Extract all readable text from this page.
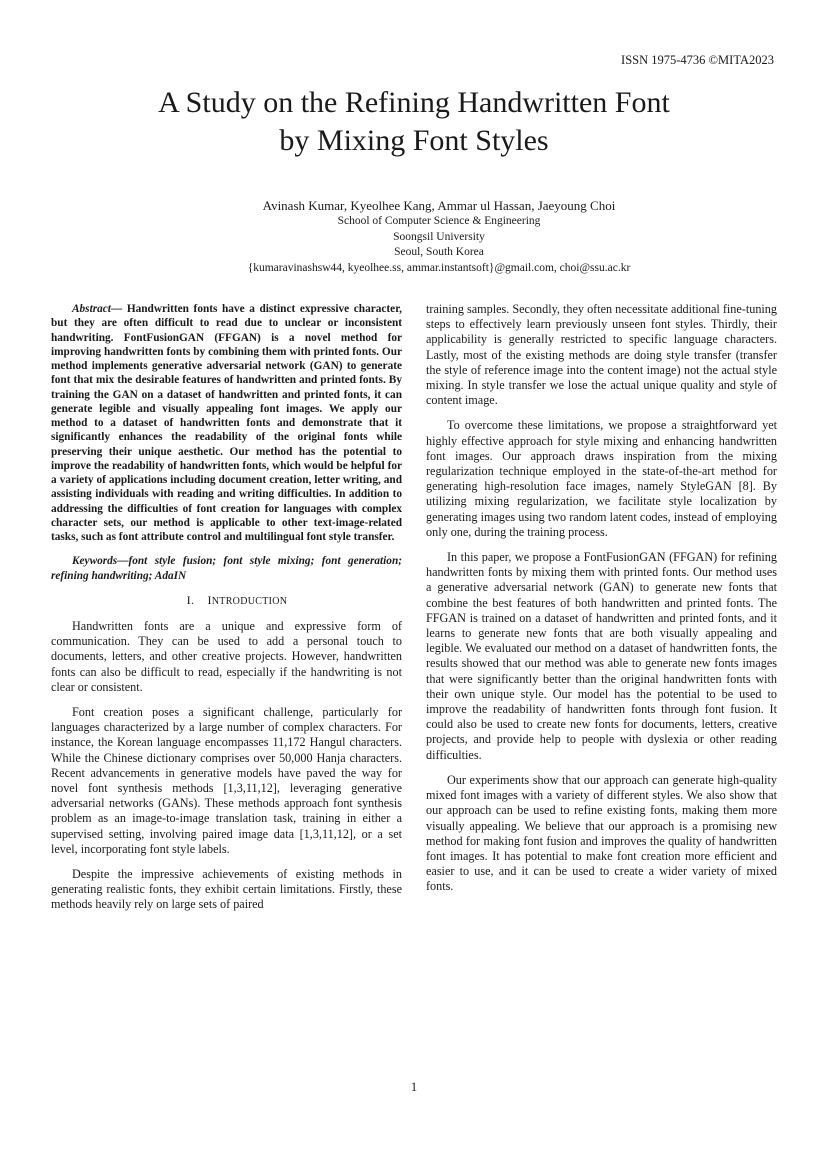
ISSN 1975-4736 ©MITA2023
A Study on the Refining Handwritten Font
by Mixing Font Styles
Avinash Kumar, Kyeolhee Kang, Ammar ul Hassan, Jaeyoung Choi
School of Computer Science & Engineering
Soongsil University
Seoul, South Korea
{kumaravinashsw44, kyeolhee.ss, ammar.instantsoft}@gmail.com, choi@ssu.ac.kr

Abstract— Handwritten fonts have a distinct expressive character, but they are often difficult to read due to unclear or inconsistent handwriting. FontFusionGAN (FFGAN) is a novel method for improving handwritten fonts by combining them with printed fonts. Our method implements generative adversarial network (GAN) to generate font that mix the desirable features of handwritten and printed fonts. By training the GAN on a dataset of handwritten and printed fonts, it can generate legible and visually appealing font images. We apply our method to a dataset of handwritten fonts and demonstrate that it significantly enhances the readability of the original fonts while preserving their unique aesthetic. Our method has the potential to improve the readability of handwritten fonts, which would be helpful for a variety of applications including document creation, letter writing, and assisting individuals with reading and writing difficulties. In addition to addressing the difficulties of font creation for languages with complex character sets, our method is applicable to other text-image-related tasks, such as font attribute control and multilingual font style transfer.

Keywords—font style fusion; font style mixing; font generation; refining handwriting; AdaIN

I. INTRODUCTION

Handwritten fonts are a unique and expressive form of communication. They can be used to add a personal touch to documents, letters, and other creative projects. However, handwritten fonts can also be difficult to read, especially if the handwriting is not clear or consistent.

Font creation poses a significant challenge, particularly for languages characterized by a large number of complex characters. For instance, the Korean language encompasses 11,172 Hangul characters. While the Chinese dictionary comprises over 50,000 Hanja characters. Recent advancements in generative models have paved the way for novel font synthesis methods [1,3,11,12], leveraging generative adversarial networks (GANs). These methods approach font synthesis problem as an image-to-image translation task, training in either a supervised setting, involving paired image data [1,3,11,12], or a set level, incorporating font style labels.

Despite the impressive achievements of existing methods in generating realistic fonts, they exhibit certain limitations. Firstly, these methods heavily rely on large sets of paired

training samples. Secondly, they often necessitate additional fine-tuning steps to effectively learn previously unseen font styles. Thirdly, their applicability is generally restricted to specific language characters. Lastly, most of the existing methods are doing style transfer (transfer the style of reference image into the content image) not the actual style mixing. In style transfer we lose the actual unique quality and style of content image.

To overcome these limitations, we propose a straightforward yet highly effective approach for style mixing and enhancing handwritten font images. Our approach draws inspiration from the mixing regularization technique employed in the state-of-the-art method for generating high-resolution face images, namely StyleGAN [8]. By utilizing mixing regularization, we facilitate style localization by generating images using two random latent codes, instead of employing only one, during the training process.

In this paper, we propose a FontFusionGAN (FFGAN) for refining handwritten fonts by mixing them with printed fonts. Our method uses a generative adversarial network (GAN) to generate new fonts that combine the best features of both handwritten and printed fonts. The FFGAN is trained on a dataset of handwritten and printed fonts, and it learns to generate new fonts that are both visually appealing and legible. We evaluated our method on a dataset of handwritten fonts, the results showed that our method was able to generate new fonts images that were significantly better than the original handwritten fonts with their own unique style. Our model has the potential to be used to improve the readability of handwritten fonts through font fusion. It could also be used to create new fonts for documents, letters, creative projects, and provide help to people with dyslexia or other reading difficulties.

Our experiments show that our approach can generate high-quality mixed font images with a variety of different styles. We also show that our approach can be used to refine existing fonts, making them more visually appealing. We believe that our approach is a promising new method for making font fusion and improves the quality of handwritten font images. It has potential to make font creation more efficient and easier to use, and it can be used to create a wider variety of mixed fonts.

1
